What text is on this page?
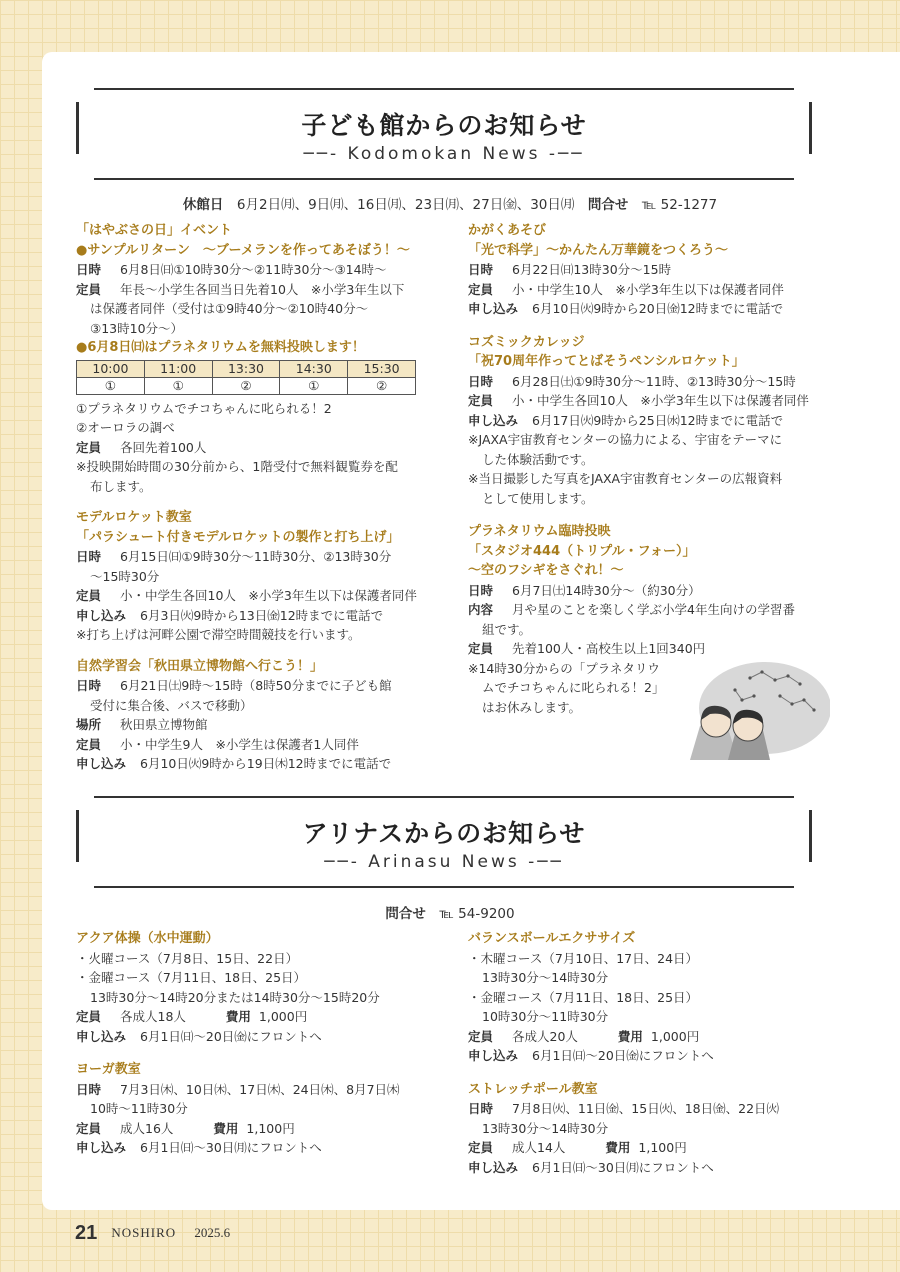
子ども館からのお知らせ
──- Kodomokan News -──
休館日　 6月2日㈪、9日㈪、16日㈪、23日㈪、27日㈮、30日㈪　 問合せ　 ℡ 52-1277
「はやぶさの日」イベント
●サンプルリターン　～ブーメランを作ってあそぼう！～
日時 6月8日㈰①10時30分～②11時30分～③14時～
定員 年長～小学生各回当日先着10人　※小学3年生以下
は保護者同伴（受付は①9時40分～②10時40分～
③13時10分～）
●6月8日㈰はプラネタリウムを無料投映します！
10:00	11:00	13:30	14:30	15:30
①	①	②	①	②
①プラネタリウムでチコちゃんに叱られる！2
②オーロラの調べ
定員 各回先着100人
※投映開始時間の30分前から、1階受付で無料観覧券を配
布します。
モデルロケット教室
「パラシュート付きモデルロケットの製作と打ち上げ」
日時 6月15日㈰①9時30分～11時30分、②13時30分
～15時30分
定員 小・中学生各回10人　※小学3年生以下は保護者同伴
申し込み 6月3日㈫9時から13日㈮12時までに電話で
※打ち上げは河畔公園で滞空時間競技を行います。
自然学習会「秋田県立博物館へ行こう！」
日時 6月21日㈯9時～15時（8時50分までに子ども館
受付に集合後、バスで移動）
場所 秋田県立博物館
定員 小・中学生9人　※小学生は保護者1人同伴
申し込み 6月10日㈫9時から19日㈭12時までに電話で
かがくあそび
「光で科学」～かんたん万華鏡をつくろう～
日時 6月22日㈰13時30分～15時
定員 小・中学生10人　※小学3年生以下は保護者同伴
申し込み 6月10日㈫9時から20日㈮12時までに電話で
コズミックカレッジ
「祝70周年作ってとばそうペンシルロケット」
日時 6月28日㈯①9時30分～11時、②13時30分～15時
定員 小・中学生各回10人　※小学3年生以下は保護者同伴
申し込み 6月17日㈫9時から25日㈬12時までに電話で
※JAXA宇宙教育センターの協力による、宇宙をテーマに
した体験活動です。
※当日撮影した写真をJAXA宇宙教育センターの広報資料
として使用します。
プラネタリウム臨時投映
「スタジオ444（トリプル・フォー）」
～空のフシギをさぐれ！～
日時 6月7日㈯14時30分～（約30分）
内容 月や星のことを楽しく学ぶ小学4年生向けの学習番
組です。
定員 先着100人・高校生以上1回340円
※14時30分からの「プラネタリウ
ムでチコちゃんに叱られる！2」
はお休みします。
アリナスからのお知らせ
──- Arinasu News -──
問合せ　 ℡ 54-9200
アクア体操（水中運動）
・火曜コース（7月8日、15日、22日）
・金曜コース（7月11日、18日、25日）
13時30分～14時20分または14時30分～15時20分
定員 各成人18人	費用 1,000円
申し込み 6月1日㈰～20日㈮にフロントへ
ヨーガ教室
日時 7月3日㈭、10日㈭、17日㈭、24日㈭、8月7日㈭
10時～11時30分
定員 成人16人	費用 1,100円
申し込み 6月1日㈰～30日㈪にフロントへ
バランスボールエクササイズ
・木曜コース（7月10日、17日、24日）
13時30分～14時30分
・金曜コース（7月11日、18日、25日）
10時30分～11時30分
定員 各成人20人	費用 1,000円
申し込み 6月1日㈰～20日㈮にフロントへ
ストレッチポール教室
日時 7月8日㈫、11日㈮、15日㈫、18日㈮、22日㈫
13時30分～14時30分
定員 成人14人	費用 1,100円
申し込み 6月1日㈰～30日㈪にフロントへ
21 NOSHIRO 2025.6
